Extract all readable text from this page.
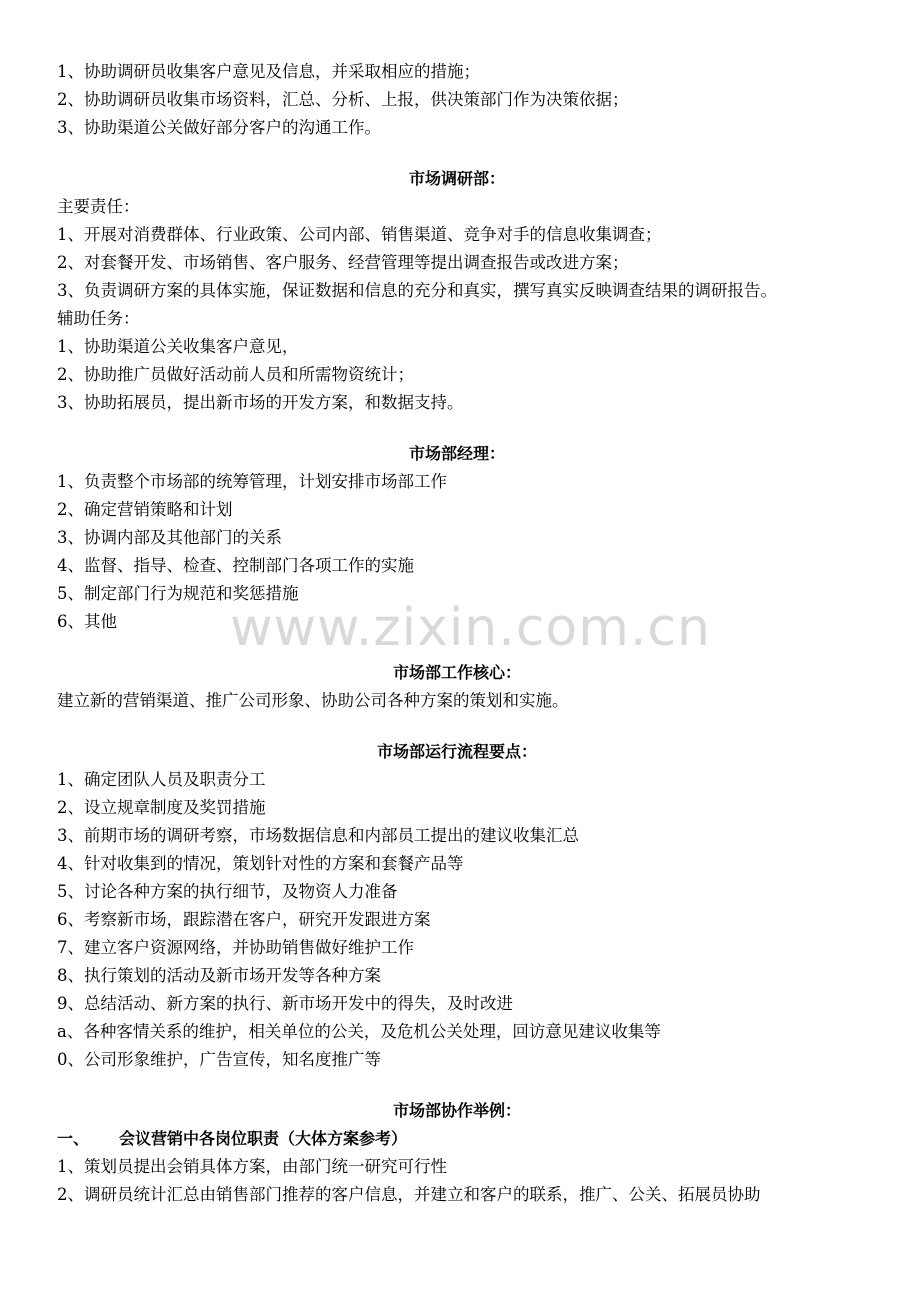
1、协助调研员收集客户意见及信息，并采取相应的措施；
2、协助调研员收集市场资料，汇总、分析、上报，供决策部门作为决策依据；
3、协助渠道公关做好部分客户的沟通工作。
市场调研部：
主要责任：
1、开展对消费群体、行业政策、公司内部、销售渠道、竞争对手的信息收集调查；
2、对套餐开发、市场销售、客户服务、经营管理等提出调查报告或改进方案；
3、负责调研方案的具体实施，保证数据和信息的充分和真实，撰写真实反映调查结果的调研报告。
辅助任务：
1、协助渠道公关收集客户意见，
2、协助推广员做好活动前人员和所需物资统计；
3、协助拓展员，提出新市场的开发方案，和数据支持。
市场部经理：
1、负责整个市场部的统筹管理，计划安排市场部工作
2、确定营销策略和计划
3、协调内部及其他部门的关系
4、监督、指导、检查、控制部门各项工作的实施
5、制定部门行为规范和奖惩措施
6、其他
市场部工作核心：
建立新的营销渠道、推广公司形象、协助公司各种方案的策划和实施。
市场部运行流程要点：
1、确定团队人员及职责分工
2、设立规章制度及奖罚措施
3、前期市场的调研考察，市场数据信息和内部员工提出的建议收集汇总
4、针对收集到的情况，策划针对性的方案和套餐产品等
5、讨论各种方案的执行细节，及物资人力准备
6、考察新市场，跟踪潜在客户，研究开发跟进方案
7、建立客户资源网络，并协助销售做好维护工作
8、执行策划的活动及新市场开发等各种方案
9、总结活动、新方案的执行、新市场开发中的得失，及时改进
a、各种客情关系的维护，相关单位的公关，及危机公关处理，回访意见建议收集等
0、公司形象维护，广告宣传，知名度推广等
市场部协作举例：
一、 会议营销中各岗位职责（大体方案参考）
1、策划员提出会销具体方案，由部门统一研究可行性
2、调研员统计汇总由销售部门推荐的客户信息，并建立和客户的联系，推广、公关、拓展员协助
www.zixin.com.cn
